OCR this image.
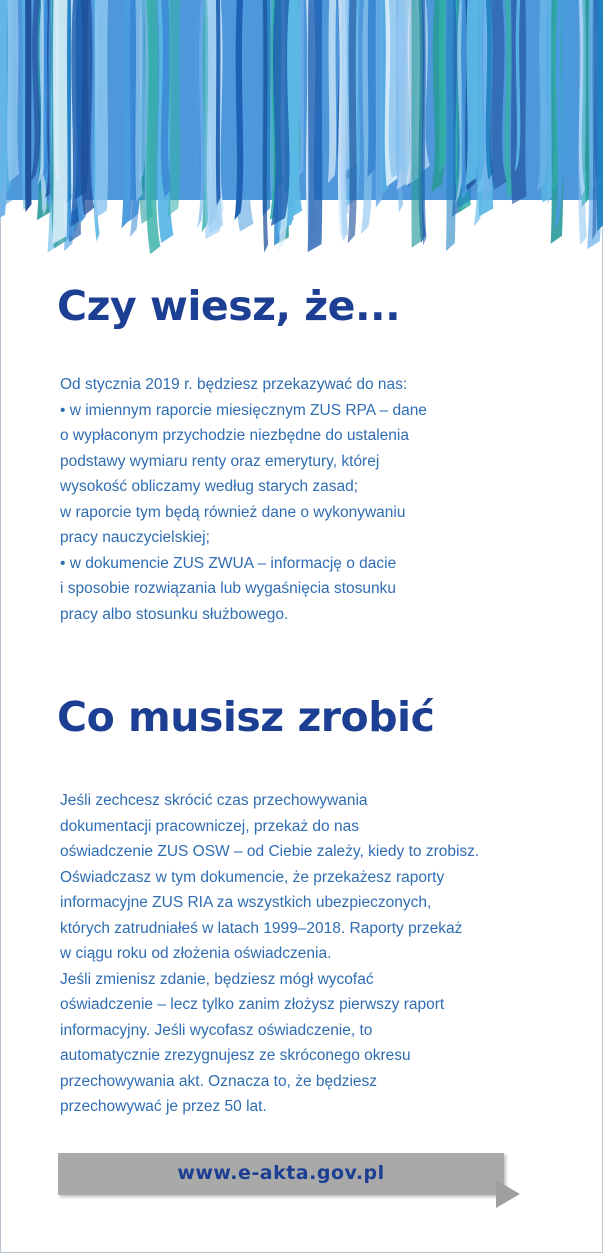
Czy wiesz, że...
Od stycznia 2019 r. będziesz przekazywać do nas:
• w imiennym raporcie miesięcznym ZUS RPA – dane
o wypłaconym przychodzie niezbędne do ustalenia
podstawy wymiaru renty oraz emerytury, której
wysokość obliczamy według starych zasad;
w raporcie tym będą również dane o wykonywaniu
pracy nauczycielskiej;
• w dokumencie ZUS ZWUA – informację o dacie
i sposobie rozwiązania lub wygaśnięcia stosunku
pracy albo stosunku służbowego.
Co musisz zrobić
Jeśli zechcesz skrócić czas przechowywania
dokumentacji pracowniczej, przekaż do nas
oświadczenie ZUS OSW – od Ciebie zależy, kiedy to zrobisz.
Oświadczasz w tym dokumencie, że przekażesz raporty
informacyjne ZUS RIA za wszystkich ubezpieczonych,
których zatrudniałeś w latach 1999–2018. Raporty przekaż
w ciągu roku od złożenia oświadczenia.
Jeśli zmienisz zdanie, będziesz mógł wycofać
oświadczenie – lecz tylko zanim złożysz pierwszy raport
informacyjny. Jeśli wycofasz oświadczenie, to
automatycznie zrezygnujesz ze skróconego okresu
przechowywania akt. Oznacza to, że będziesz
przechowywać je przez 50 lat.
www.e-akta.gov.pl
